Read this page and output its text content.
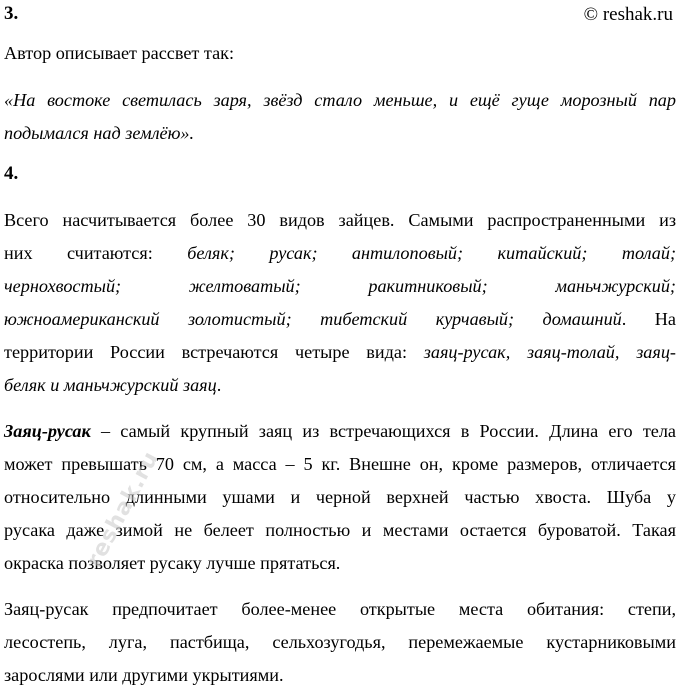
3.	© reshak.ru
Автор описывает рассвет так:
«На востоке светилась заря, звёзд стало меньше, и ещё гуще морозный пар
подымался над землёю».
4.
Всего насчитывается более 30 видов зайцев. Самыми распространенными из
них считаются: беляк; русак; антилоповый; китайский; толай;
чернохвостый; желтоватый; ракитниковый; маньчжурский;
южноамериканский золотистый; тибетский курчавый; домашний. На
территории России встречаются четыре вида: заяц-русак, заяц-толай, заяц-
беляк и маньчжурский заяц.
Заяц-русак – самый крупный заяц из встречающихся в России. Длина его тела
может превышать 70 см, а масса – 5 кг. Внешне он, кроме размеров, отличается
относительно длинными ушами и черной верхней частью хвоста. Шуба у
русака даже зимой не белеет полностью и местами остается буроватой. Такая
окраска позволяет русаку лучше прятаться.
Заяц-русак предпочитает более-менее открытые места обитания: степи,
лесостепь, луга, пастбища, сельхозугодья, перемежаемые кустарниковыми
зарослями или другими укрытиями.
reshak.ru
